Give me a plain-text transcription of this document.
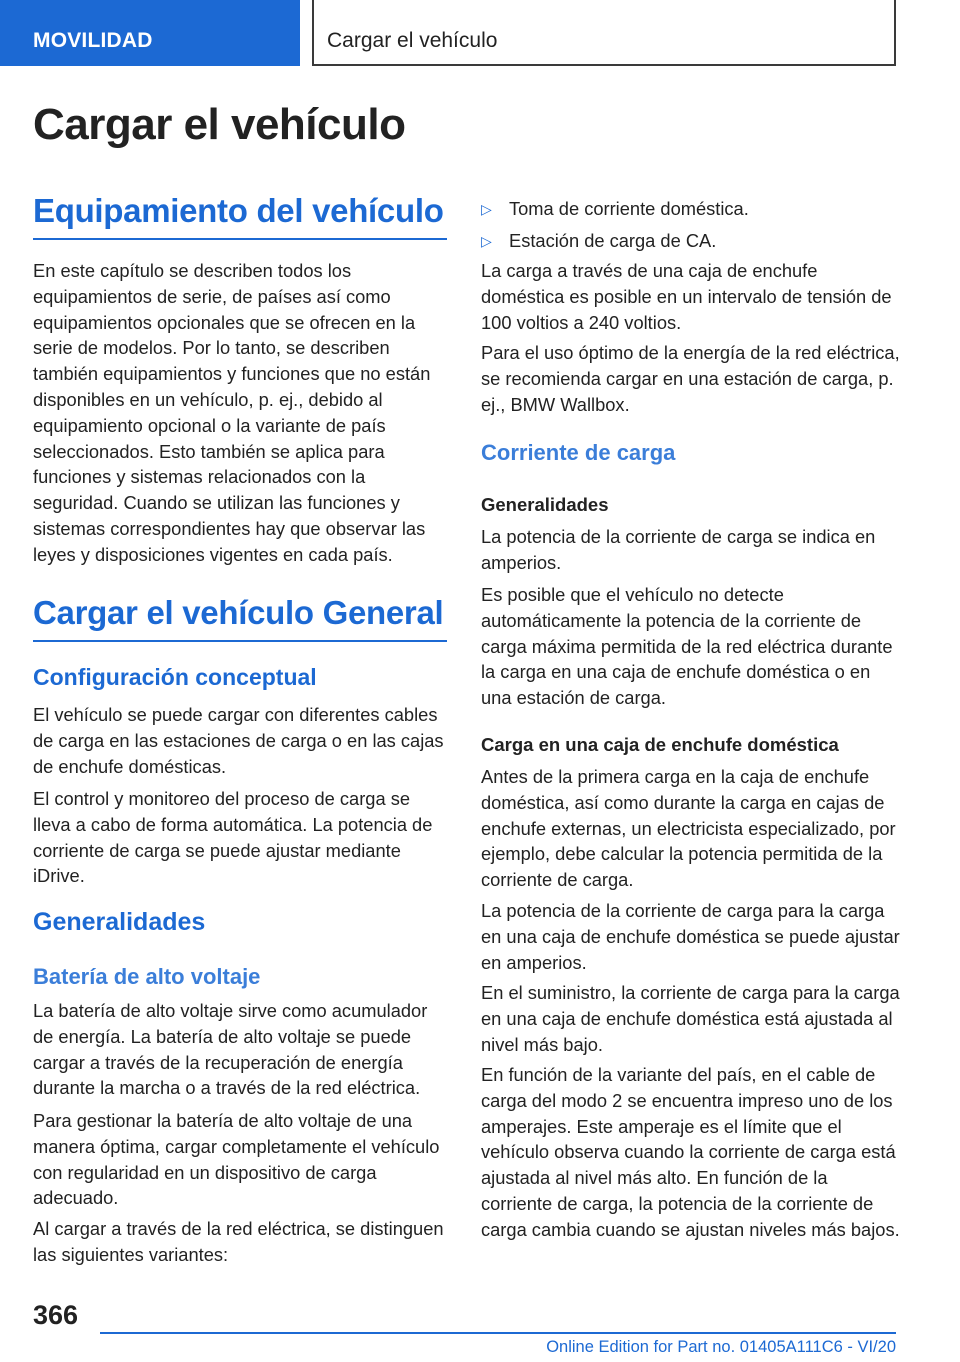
MOVILIDAD	Cargar el vehículo
Cargar el vehículo
Equipamiento del vehículo
En este capítulo se describen todos los equipamientos de serie, de países así como equipamientos opcionales que se ofrecen en la serie de modelos. Por lo tanto, se describen también equipamientos y funciones que no están disponibles en un vehículo, p. ej., debido al equipamiento opcional o la variante de país seleccionados. Esto también se aplica para funciones y sistemas relacionados con la seguridad. Cuando se utilizan las funciones y sistemas correspondientes hay que observar las leyes y disposiciones vigentes en cada país.
Cargar el vehículo General
Configuración conceptual
El vehículo se puede cargar con diferentes cables de carga en las estaciones de carga o en las cajas de enchufe domésticas.
El control y monitoreo del proceso de carga se lleva a cabo de forma automática. La potencia de corriente de carga se puede ajustar mediante iDrive.
Generalidades
Batería de alto voltaje
La batería de alto voltaje sirve como acumulador de energía. La batería de alto voltaje se puede cargar a través de la recuperación de energía durante la marcha o a través de la red eléctrica.
Para gestionar la batería de alto voltaje de una manera óptima, cargar completamente el vehículo con regularidad en un dispositivo de carga adecuado.
Al cargar a través de la red eléctrica, se distinguen las siguientes variantes:
▷ Toma de corriente doméstica.
▷ Estación de carga de CA.
La carga a través de una caja de enchufe doméstica es posible en un intervalo de tensión de 100 voltios a 240 voltios.
Para el uso óptimo de la energía de la red eléctrica, se recomienda cargar en una estación de carga, p. ej., BMW Wallbox.
Corriente de carga
Generalidades
La potencia de la corriente de carga se indica en amperios.
Es posible que el vehículo no detecte automáticamente la potencia de la corriente de carga máxima permitida de la red eléctrica durante la carga en una caja de enchufe doméstica o en una estación de carga.
Carga en una caja de enchufe doméstica
Antes de la primera carga en la caja de enchufe doméstica, así como durante la carga en cajas de enchufe externas, un electricista especializado, por ejemplo, debe calcular la potencia permitida de la corriente de carga.
La potencia de la corriente de carga para la carga en una caja de enchufe doméstica se puede ajustar en amperios.
En el suministro, la corriente de carga para la carga en una caja de enchufe doméstica está ajustada al nivel más bajo.
En función de la variante del país, en el cable de carga del modo 2 se encuentra impreso uno de los amperajes. Este amperaje es el límite que el vehículo observa cuando la corriente de carga está ajustada al nivel más alto. En función de la corriente de carga, la potencia de la corriente de carga cambia cuando se ajustan niveles más bajos.
366
Online Edition for Part no. 01405A111C6 - VI/20
